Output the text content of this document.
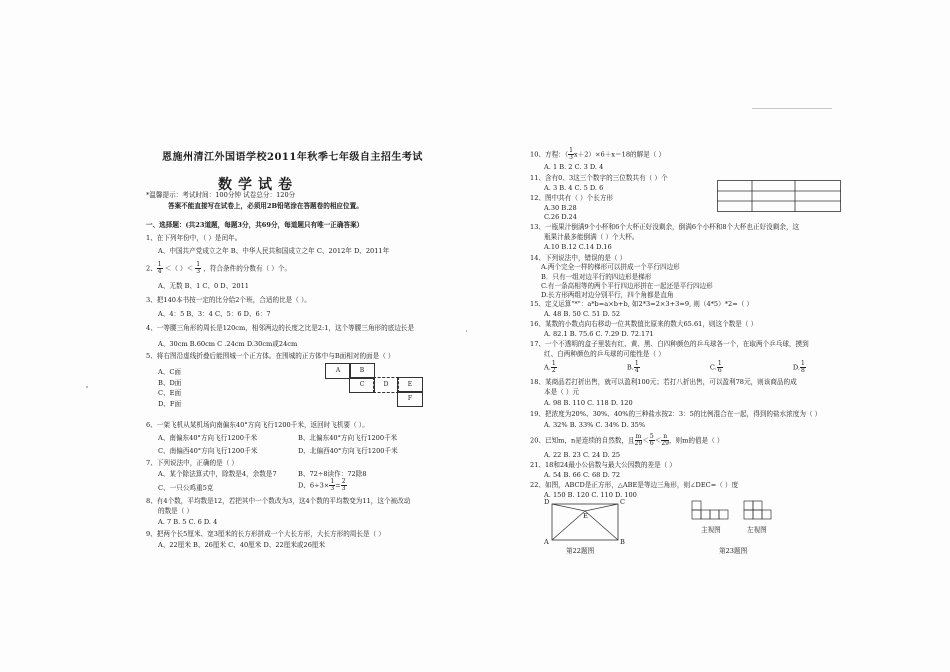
恩施州清江外国语学校2011年秋季七年级自主招生考试
数学试卷
*温馨提示：考试时间：100分钟 试卷总分：120分
答案不能直接写在试卷上，必须用2B铅笔涂在答题卷的相应位置。
一、选择题：(共23道题，每题3分，共69分，每道题只有唯一正确答案）
1、在下列年份中，（ ）是闰年。
A、中国共产党成立之年 B、中华人民共和国成立之年 C、2012年 D、2011年
2、 $\frac{1}{4}$ ＜（ ）＜ $\frac{1}{3}$ ，符合条件的分数有（ ）个。
A、无数 B、1 C、0 D、2011
3、把140本书按一定的比分给2个班，合适的比是（ ）。
A、4：5 B、3：4 C、5：6 D、6：7
4、一等腰三角形的周长是120cm，相邻两边的长度之比是2:1，这个等腰三角形的底边长是
A、30cm B.60cm C .24cm D.30cm或24cm
5、将右图沿虚线折叠后能围城一个正方体。在围城的正方体中与B面相对的面是（ ）
A、C面
B、D面
C、E面
D、F面
A	B
C	D	E
F
6、一架飞机从某机场向南偏东40°方向飞行1200千米，返回时飞机要（ ）。
A、南偏东40°方向飞行1200千米	B、北偏东40°方向飞行1200千米
C、南偏西40°方向飞行1200千米	D、北偏西40°方向飞行1200千米
7、下列说法中，正确的是（ ）
A、某个除法算式中，除数是4，余数是7	B、72÷8读作：72除8
C、一只公鸡重5克	D、$6\div 3\times \frac{1}{3} = \frac{2}{3}$
8、有4个数，平均数是12，若把其中一个数改为3，这4个数的平均数变为11，这个被改动
的数是（ ）
A. 7 B. 5 C. 6 D. 4
9、把两个长5厘米、宽3厘米的长方形拼成一个大长方形，大长方形的周长是（ ）
A、22厘米 B、26厘米 C、40厘米 D、22厘米或26厘米
10、方程：（ $\frac{1}{3} x+2)\times 6+x=18$的解是（ ）
A. 1 B. 2 C. 3 D. 4
11、含有0、3这三个数字的三位数共有（ ）个
A. 3 B. 4 C. 5 D. 6
12、图中共有（ ）个长方形
A.30 B.28
C.26 D.24
13、一瓶果汁倒满9个小杯和6个大杯正好没剩余，倒满6个小杯和8个大杯也正好没剩余，这
瓶果汁最多能倒满（ ）个大杯。
A.10 B.12 C.14 D.16
14、下列说法中，错误的是（ ）
A.两个完全一样的梯形可以拼成一个平行四边形
B．只有一组对边平行的四边形是梯形
C.有一条高相等的两个平行四边形拼在一起还是平行四边形
D.长方形两组对边分别平行，四个角都是直角
15、定义运算"*"：a*b=a×b+b, 如2*3=2×3+3=9, 则（4*5）*2=（ ）
A. 48 B. 50 C. 51 D. 52
16、某数的小数点向右移动一位其数值比原来的数大65.61，则这个数是（ ）
A. 82.1 B. 75.6 C. 7.29 D. 72.171
17、一个不透明的盒子里装有红、黄、黑、白四种颜色的乒乓球各一个，在取两个乒乓球，摸到
红、白两种颜色的乒乓球的可能性是（ ）
A. $\frac{1}{2}$	B. $\frac{1}{4}$	C. $\frac{1}{6}$	D. $\frac{1}{8}$
18、某商品若打折出售，就可以盈利100元；若打八折出售，可以盈利78元，则该商品的成
本是（ ）元
A. 98 B. 110 C. 118 D. 120
19、把浓度为20%、30%、40%的三种盐水按2：3：5的比例混合在一起，得到的盐水浓度为（ ）
A. 32% B. 33% C. 34% D. 35%
20、已知m，n是连续的自然数，且 $\frac{m}{29} < \frac{5}{6} < \frac{n}{29}$ ，则m的值是（ ）
A. 22 B. 23 C. 24 D. 25
21、18和24最小公倍数与最大公因数的差是（ ）
A. 54 B. 66 C. 68 D. 72
22、如图，ABCD是正方形，△ABE是等边三角形，则∠DEC=（ ）度
A. 150 B. 120 C. 110 D. 100
D	C
E
A	B
第22题图
主视图	左视图
第23题图
